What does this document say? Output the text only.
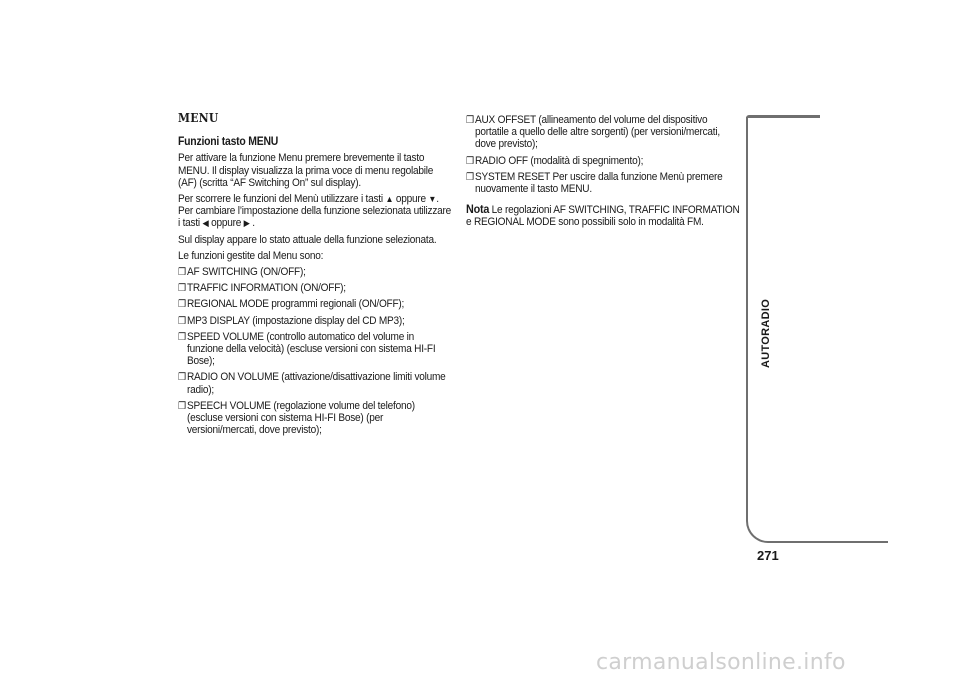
MENU
Funzioni tasto MENU

Per attivare la funzione Menu premere brevemente il tasto MENU. Il display visualizza la prima voce di menu regolabile (AF) (scritta “AF Switching On” sul display).

Per scorrere le funzioni del Menù utilizzare i tasti ▲ oppure ▼. Per cambiare l’impostazione della funzione selezionata utilizzare i tasti ◀ oppure ▶ .

Sul display appare lo stato attuale della funzione selezionata.

Le funzioni gestite dal Menu sono:

❒ AF SWITCHING (ON/OFF);
❒ TRAFFIC INFORMATION (ON/OFF);
❒ REGIONAL MODE programmi regionali (ON/OFF);
❒ MP3 DISPLAY (impostazione display del CD MP3);
❒ SPEED VOLUME (controllo automatico del volume in funzione della velocità) (escluse versioni con sistema HI-FI Bose);
❒ RADIO ON VOLUME (attivazione/disattivazione limiti volume radio);
❒ SPEECH VOLUME (regolazione volume del telefono) (escluse versioni con sistema HI-FI Bose) (per versioni/mercati, dove previsto);
❒ AUX OFFSET (allineamento del volume del dispositivo portatile a quello delle altre sorgenti) (per versioni/mercati, dove previsto);
❒ RADIO OFF (modalità di spegnimento);
❒ SYSTEM RESET Per uscire dalla funzione Menù premere nuovamente il tasto MENU.

Nota Le regolazioni AF SWITCHING, TRAFFIC INFORMATION e REGIONAL MODE sono possibili solo in modalità FM.

AUTORADIO
271
carmanualsonline.info
